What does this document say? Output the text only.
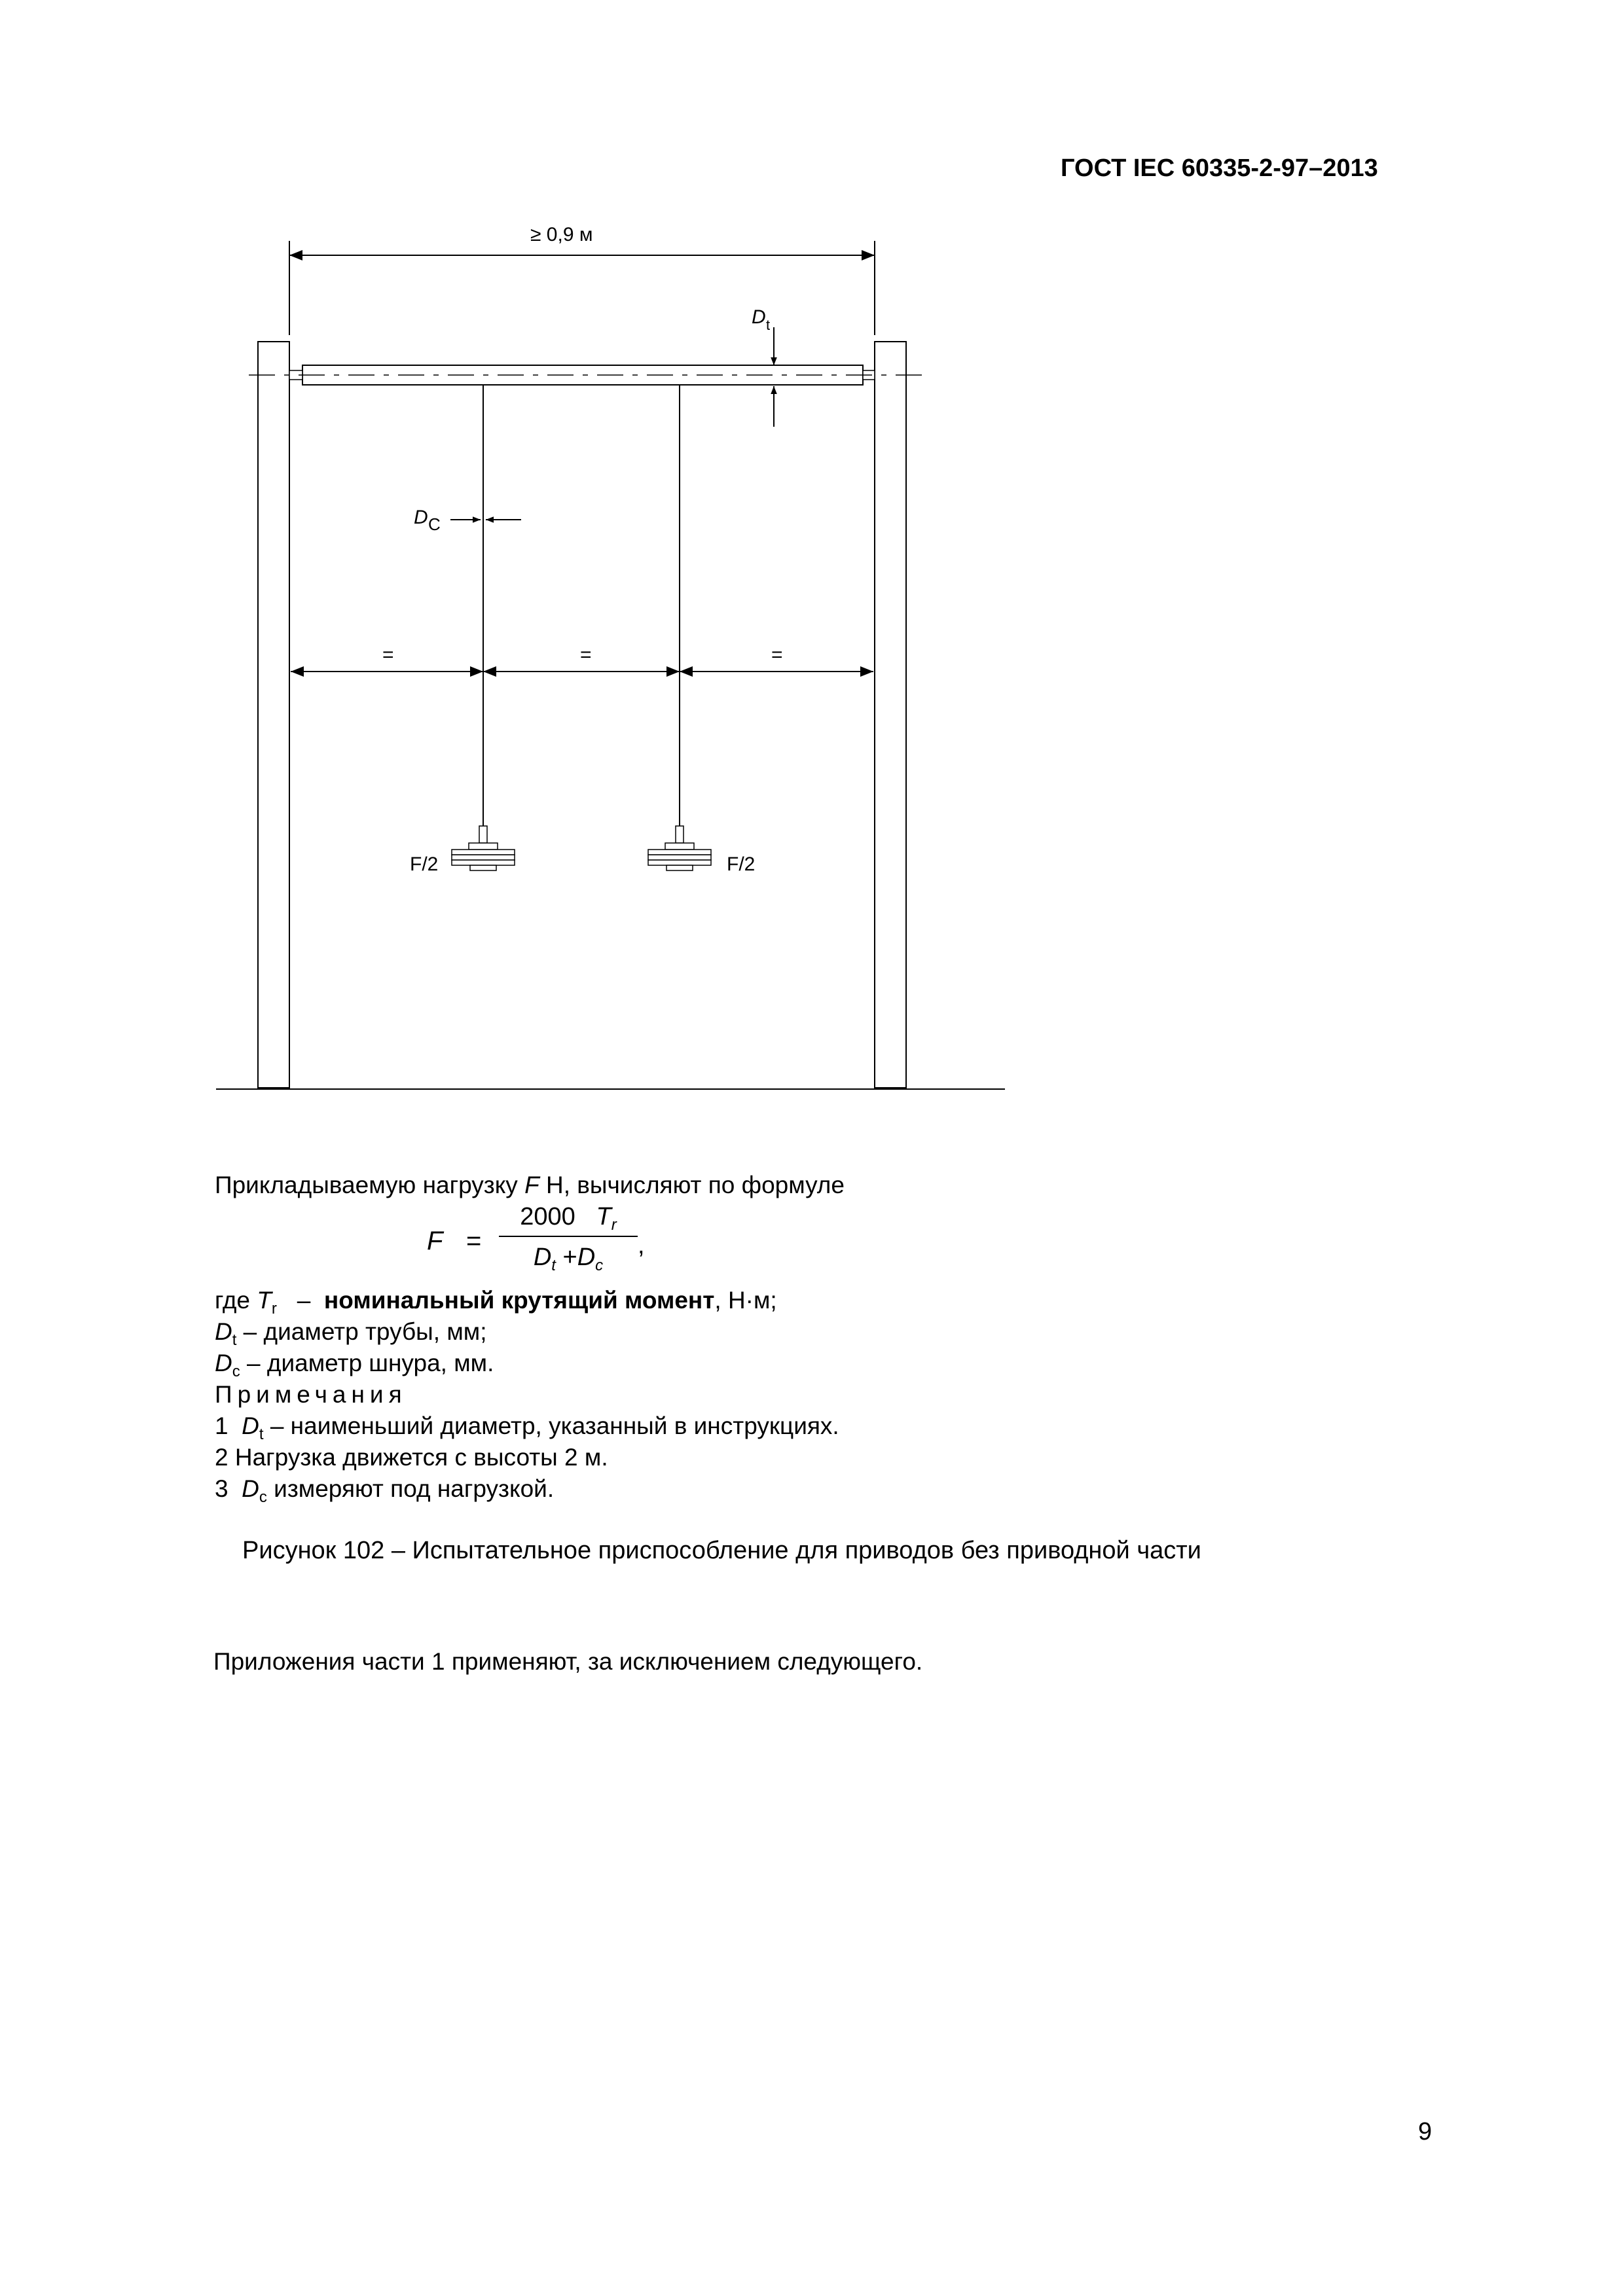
ГОСТ IEC 60335-2-97–2013
≥ 0,9 м
D t
D C
=	=	=
F/2	F/2
Прикладываемую нагрузку F Н, вычисляют по формуле
F =
2000 $T_r$
$D_t +D_c$
,
где $T_r$ – номинальный крутящий момент, Н·м;
$D_t$ – диаметр трубы, мм;
$D_c$ – диаметр шнура, мм.
Примечания
1 $D_t$ – наименьший диаметр, указанный в инструкциях.
2 Нагрузка движется с высоты 2 м.
3 $D_c$ измеряют под нагрузкой.
Рисунок 102 – Испытательное приспособление для приводов без приводной части
Приложения части 1 применяют, за исключением следующего.
9
